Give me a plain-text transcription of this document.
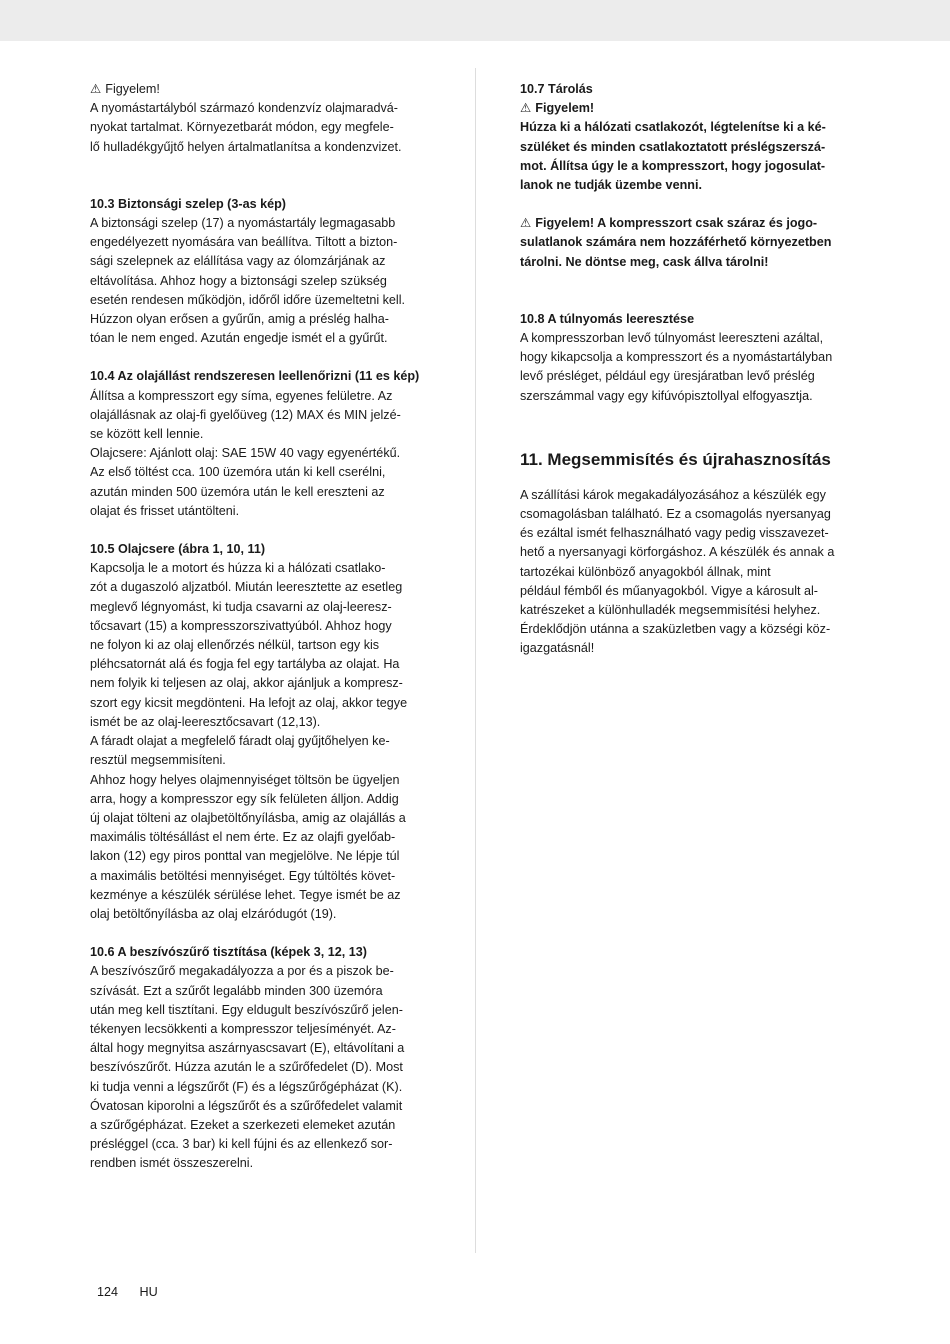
⚠ Figyelem!
A nyomástartályból származó kondenzvíz olajmaradvá-
nyokat tartalmat. Környezetbarát módon, egy megfele-
lő hulladékgyűjtő helyen ártalmatlanítsa a kondenzvizet.
10.3 Biztonsági szelep (3-as kép)
A biztonsági szelep (17) a nyomástartály legmagasabb
engedélyezett nyomására van beállítva. Tiltott a bizton-
sági szelepnek az elállítása vagy az ólomzárjának az
eltávolítása. Ahhoz hogy a biztonsági szelep szükség
esetén rendesen működjön, időről időre üzemeltetni kell.
Húzzon olyan erősen a gyűrűn, amig a préslég halha-
tóan le nem enged. Azután engedje ismét el a gyűrűt.
10.4 Az olajállást rendszeresen leellenőrizni (11 es kép)
Állítsa a kompresszort egy síma, egyenes felületre. Az
olajállásnak az olaj-fi gyelőüveg (12) MAX és MIN jelzé-
se között kell lennie.
Olajcsere: Ajánlott olaj: SAE 15W 40 vagy egyenértékű.
Az első töltést cca. 100 üzemóra után ki kell cserélni,
azután minden 500 üzemóra után le kell ereszteni az
olajat és frisset utántölteni.
10.5 Olajcsere (ábra 1, 10, 11)
Kapcsolja le a motort és húzza ki a hálózati csatlako-
zót a dugaszoló aljzatból. Miután leeresztette az esetleg
meglevő légnyomást, ki tudja csavarni az olaj-leeresz-
tőcsavart (15) a kompresszorszivattyúból. Ahhoz hogy
ne folyon ki az olaj ellenőrzés nélkül, tartson egy kis
pléhcsatornát alá és fogja fel egy tartályba az olajat. Ha
nem folyik ki teljesen az olaj, akkor ajánljuk a kompresz-
szort egy kicsit megdönteni. Ha lefojt az olaj, akkor tegye
ismét be az olaj-leeresztőcsavart (12,13).
A fáradt olajat a megfelelő fáradt olaj gyűjtőhelyen ke-
resztül megsemmisíteni.
Ahhoz hogy helyes olajmennyiséget töltsön be ügyeljen
arra, hogy a kompresszor egy sík felületen álljon. Addig
új olajat tölteni az olajbetöltőnyílásba, amig az olajállás a
maximális töltésállást el nem érte. Ez az olajfi gyelőab-
lakon (12) egy piros ponttal van megjelölve. Ne lépje túl
a maximális betöltési mennyiséget. Egy túltöltés követ-
kezménye a készülék sérülése lehet. Tegye ismét be az
olaj betöltőnyílásba az olaj elzáródugót (19).
10.6 A beszívószűrő tisztítása (képek 3, 12, 13)
A beszívószűrő megakadályozza a por és a piszok be-
szívását. Ezt a szűrőt legalább minden 300 üzemóra
után meg kell tisztítani. Egy eldugult beszívószűrő jelen-
tékenyen lecsökkenti a kompresszor teljesíményét. Az-
által hogy megnyitsa aszárnyascsavart (E), eltávolítani a
beszívószűrőt. Húzza azután le a szűrőfedelet (D). Most
ki tudja venni a légszűrőt (F) és a légszűrőgépházat (K).
Óvatosan kiporolni a légszűrőt és a szűrőfedelet valamit
a szűrőgépházat. Ezeket a szerkezeti elemeket azután
présléggel (cca. 3 bar) ki kell fújni és az ellenkező sor-
rendben ismét összeszerelni.
10.7 Tárolás
⚠ Figyelem!
Húzza ki a hálózati csatlakozót, légtelenítse ki a ké-
szüléket és minden csatlakoztatott préslégszerszá-
mot. Állítsa úgy le a kompresszort, hogy jogosulat-
lanok ne tudják üzembe venni.
⚠ Figyelem! A kompresszort csak száraz és jogo-
sulatlanok számára nem hozzáférhető környezetben
tárolni. Ne döntse meg, cask állva tárolni!
10.8 A túlnyomás leeresztése
A kompresszorban levő túlnyomást leereszteni azáltal,
hogy kikapcsolja a kompresszort és a nyomástartályban
levő présléget, például egy üresjáratban levő préslég
szerszámmal vagy egy kifúvópisztollyal elfogyasztja.
11. Megsemmisítés és újrahasznosítás
A szállítási károk megakadályozásához a készülék egy
csomagolásban található. Ez a csomagolás nyersanyag
és ezáltal ismét felhasználható vagy pedig visszavezet-
hető a nyersanyagi körforgáshoz. A készülék és annak a
tartozékai különböző anyagokból állnak, mint
például fémből és műanyagokból. Vigye a károsult al-
katrészeket a különhulladék megsemmisítési helyhez.
Érdeklődjön utánna a szaküzletben vagy a községi köz-
igazgatásnál!
124 HU
